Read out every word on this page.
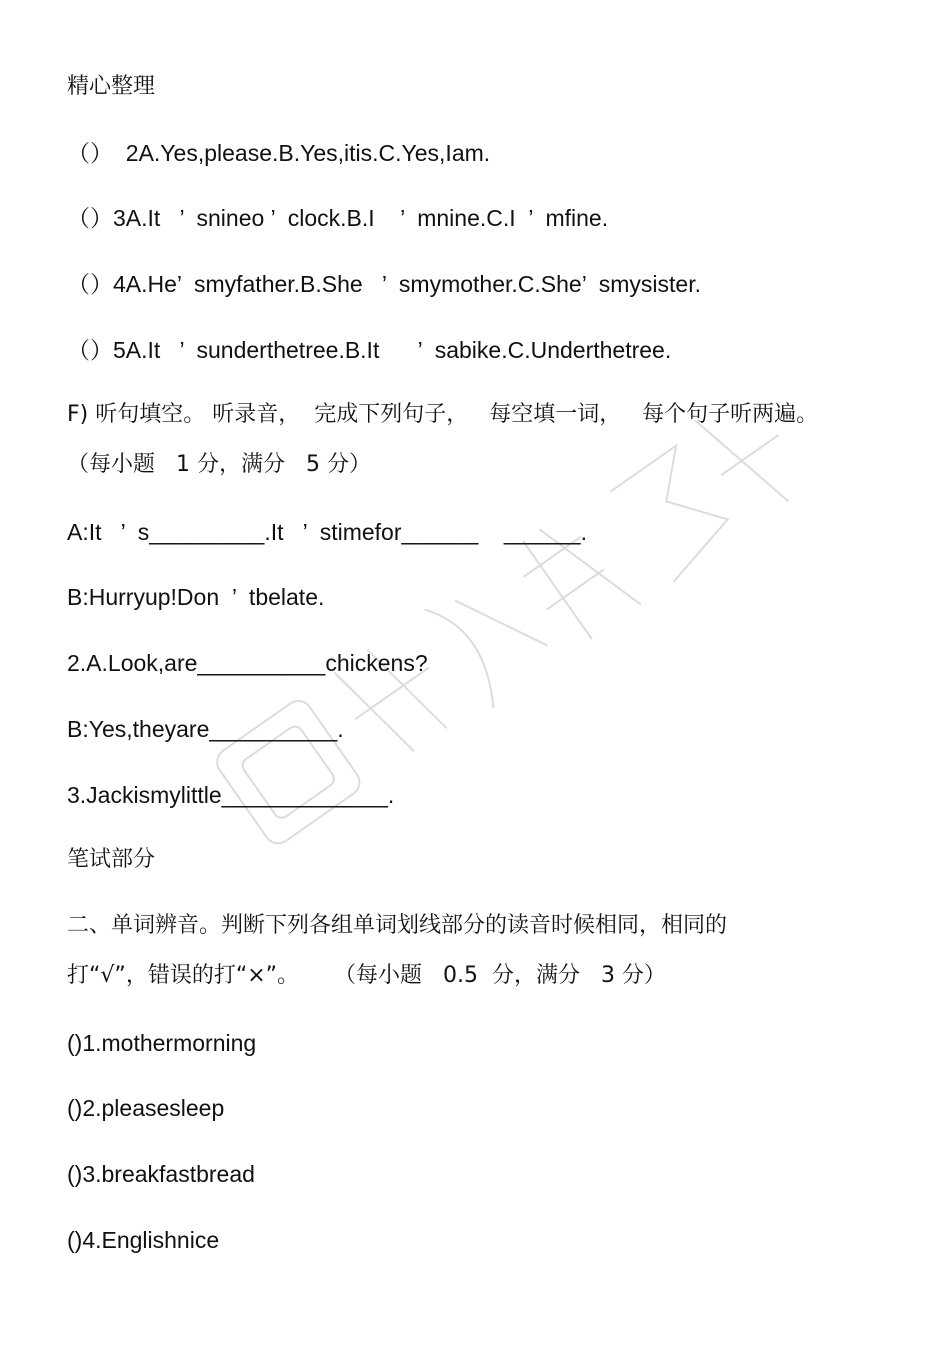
精心整理
（）  2A.Yes,please.B.Yes,itis.C.Yes,Iam.
（）3A.It   ’  snineo ’  clock.B.I    ’  mnine.C.I  ’  mfine.
（）4A.He’  smyfather.B.She   ’  smymother.C.She’  smysister.
（）5A.It   ’  sunderthetree.B.It      ’  sabike.C.Underthetree.
F) 听句填空。 听录音，  完成下列句子，   每空填一词，   每个句子听两遍。
（每小题   1 分，满分   5 分）
A:It   ’  s_________.It   ’  stimefor______    ______.
B:Hurryup!Don  ’  tbelate.
2.A.Look,are__________chickens?
B:Yes,theyare__________.
3.Jackismylittle_____________.
笔试部分
二、单词辨音。判断下列各组单词划线部分的读音时候相同，相同的
打“√”，错误的打“×”。     （每小题   0.5  分，满分   3 分）
()1.mothermorning
()2.pleasesleep
()3.breakfastbread
()4.Englishnice
